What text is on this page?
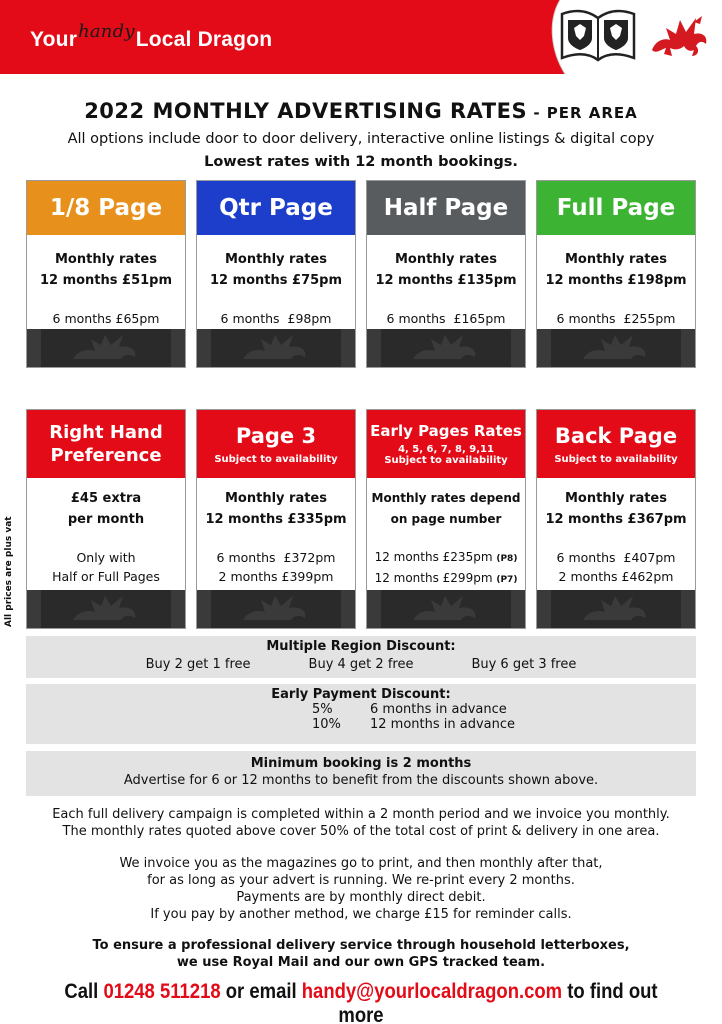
YourhandyLocal Dragon
2022 MONTHLY ADVERTISING RATES - PER AREA
All options include door to door delivery, interactive online listings & digital copy
Lowest rates with 12 month bookings.
1/8 Page
Monthly rates
12 months £51pm
6 months £65pm
Qtr Page
Monthly rates
12 months £75pm
6 months  £98pm
Half Page
Monthly rates
12 months £135pm
6 months  £165pm
Full Page
Monthly rates
12 months £198pm
6 months  £255pm
All prices are plus vat
Right Hand
Preference
£45 extra
per month
Only with
Half or Full Pages
Page 3
Subject to availability
Monthly rates
12 months £335pm
6 months  £372pm
2 months £399pm
Early Pages Rates
4, 5, 6, 7, 8, 9,11
Subject to availability
Monthly rates depend
on page number
12 months £235pm (P8)
12 months £299pm (P7)
Back Page
Subject to availability
Monthly rates
12 months £367pm
6 months  £407pm
2 months £462pm
Multiple Region Discount:
Buy 2 get 1 free	Buy 4 get 2 free	Buy 6 get 3 free
Early Payment Discount:
5%	6 months in advance
10%	12 months in advance
Minimum booking is 2 months
Advertise for 6 or 12 months to benefit from the discounts shown above.
Each full delivery campaign is completed within a 2 month period and we invoice you monthly.
The monthly rates quoted above cover 50% of the total cost of print & delivery in one area.
We invoice you as the magazines go to print, and then monthly after that,
for as long as your advert is running. We re-print every 2 months.
Payments are by monthly direct debit.
If you pay by another method, we charge £15 for reminder calls.
To ensure a professional delivery service through household letterboxes,
we use Royal Mail and our own GPS tracked team.
Call 01248 511218 or email handy@yourlocaldragon.com to find out more
